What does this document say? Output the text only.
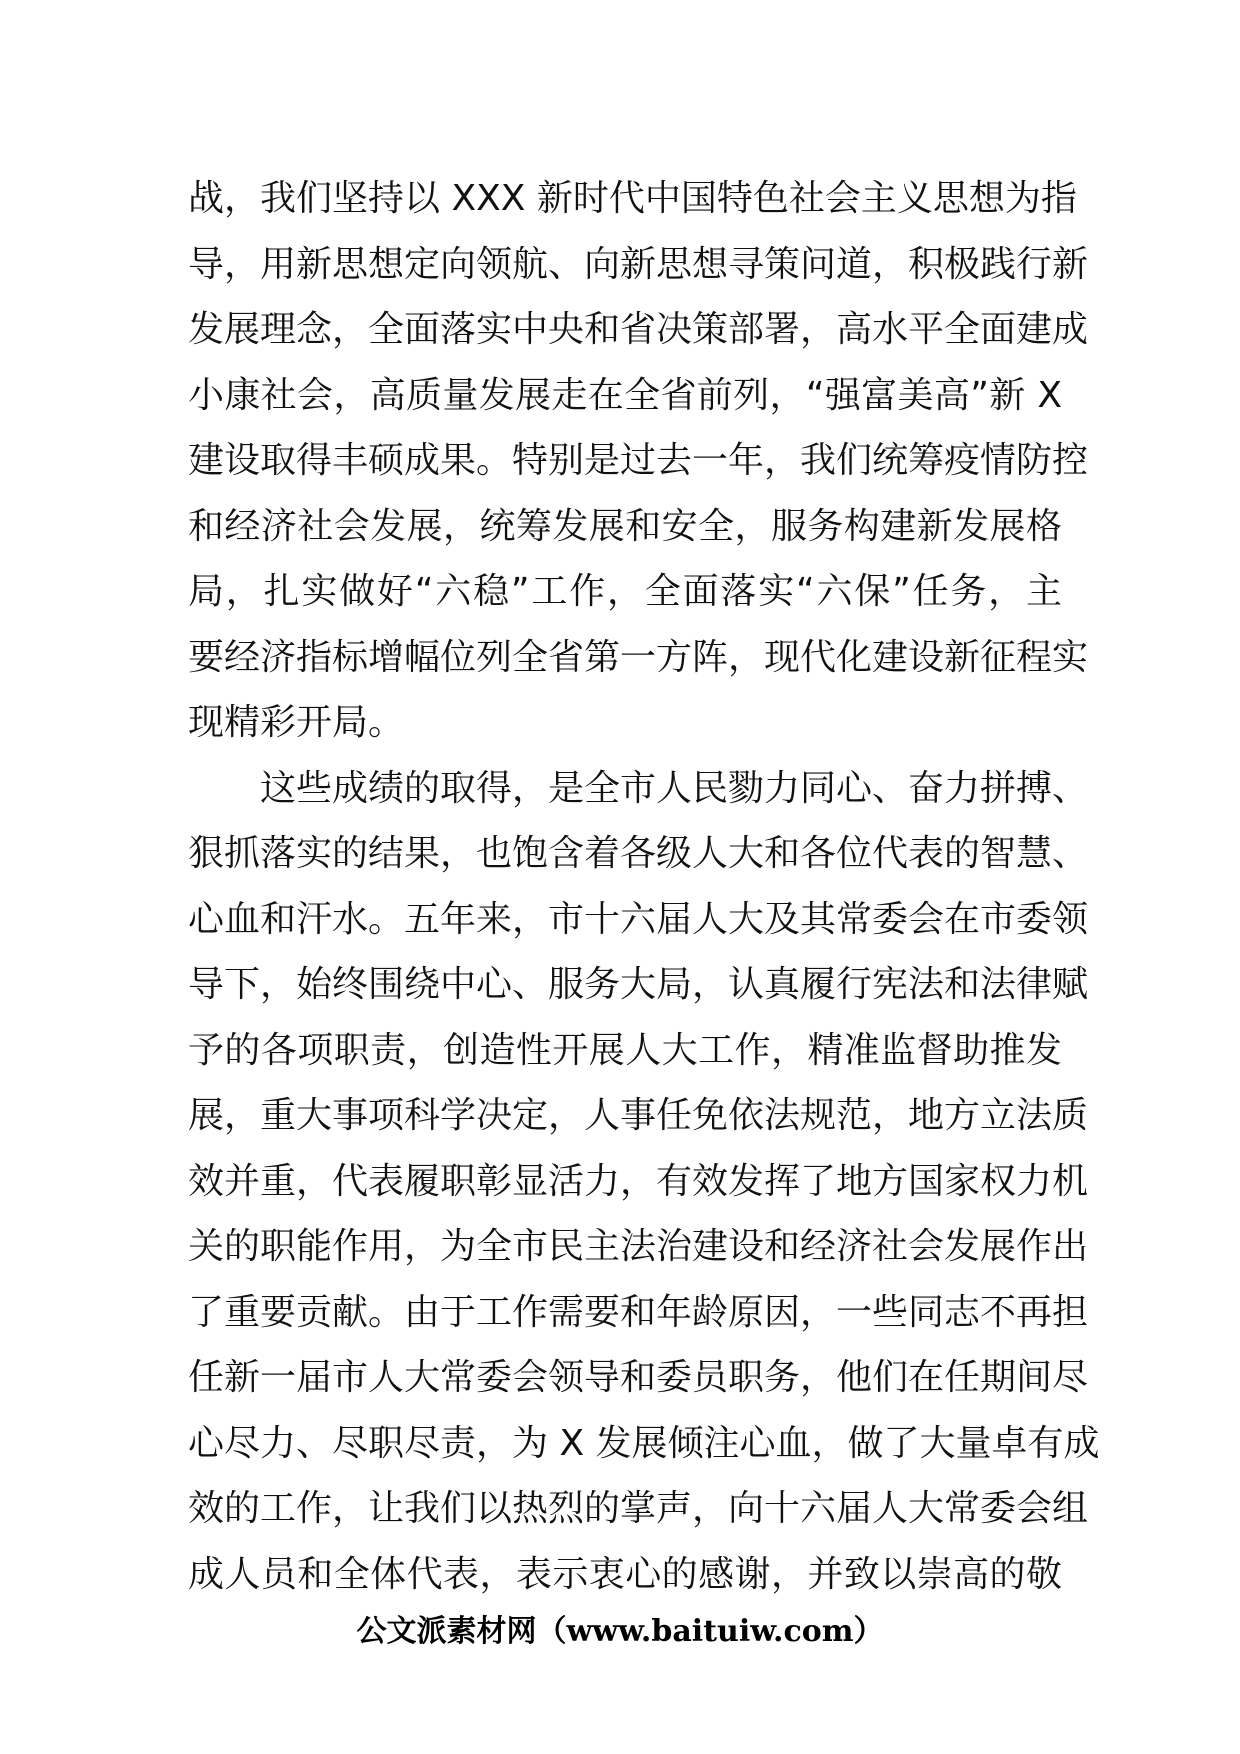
战，我们坚持以 XXX 新时代中国特色社会主义思想为指
导，用新思想定向领航、向新思想寻策问道，积极践行新
发展理念，全面落实中央和省决策部署，高水平全面建成
小康社会，高质量发展走在全省前列，“强富美高”新 X
建设取得丰硕成果。特别是过去一年，我们统筹疫情防控
和经济社会发展，统筹发展和安全，服务构建新发展格
局，扎实做好“六稳”工作，全面落实“六保”任务，主
要经济指标增幅位列全省第一方阵，现代化建设新征程实
现精彩开局。
这些成绩的取得，是全市人民勠力同心、奋力拼搏、
狠抓落实的结果，也饱含着各级人大和各位代表的智慧、
心血和汗水。五年来，市十六届人大及其常委会在市委领
导下，始终围绕中心、服务大局，认真履行宪法和法律赋
予的各项职责，创造性开展人大工作，精准监督助推发
展，重大事项科学决定，人事任免依法规范，地方立法质
效并重，代表履职彰显活力，有效发挥了地方国家权力机
关的职能作用，为全市民主法治建设和经济社会发展作出
了重要贡献。由于工作需要和年龄原因，一些同志不再担
任新一届市人大常委会领导和委员职务，他们在任期间尽
心尽力、尽职尽责，为 X 发展倾注心血，做了大量卓有成
效的工作，让我们以热烈的掌声，向十六届人大常委会组
成人员和全体代表，表示衷心的感谢，并致以崇高的敬
公文派素材网（www.baituiw.com）
